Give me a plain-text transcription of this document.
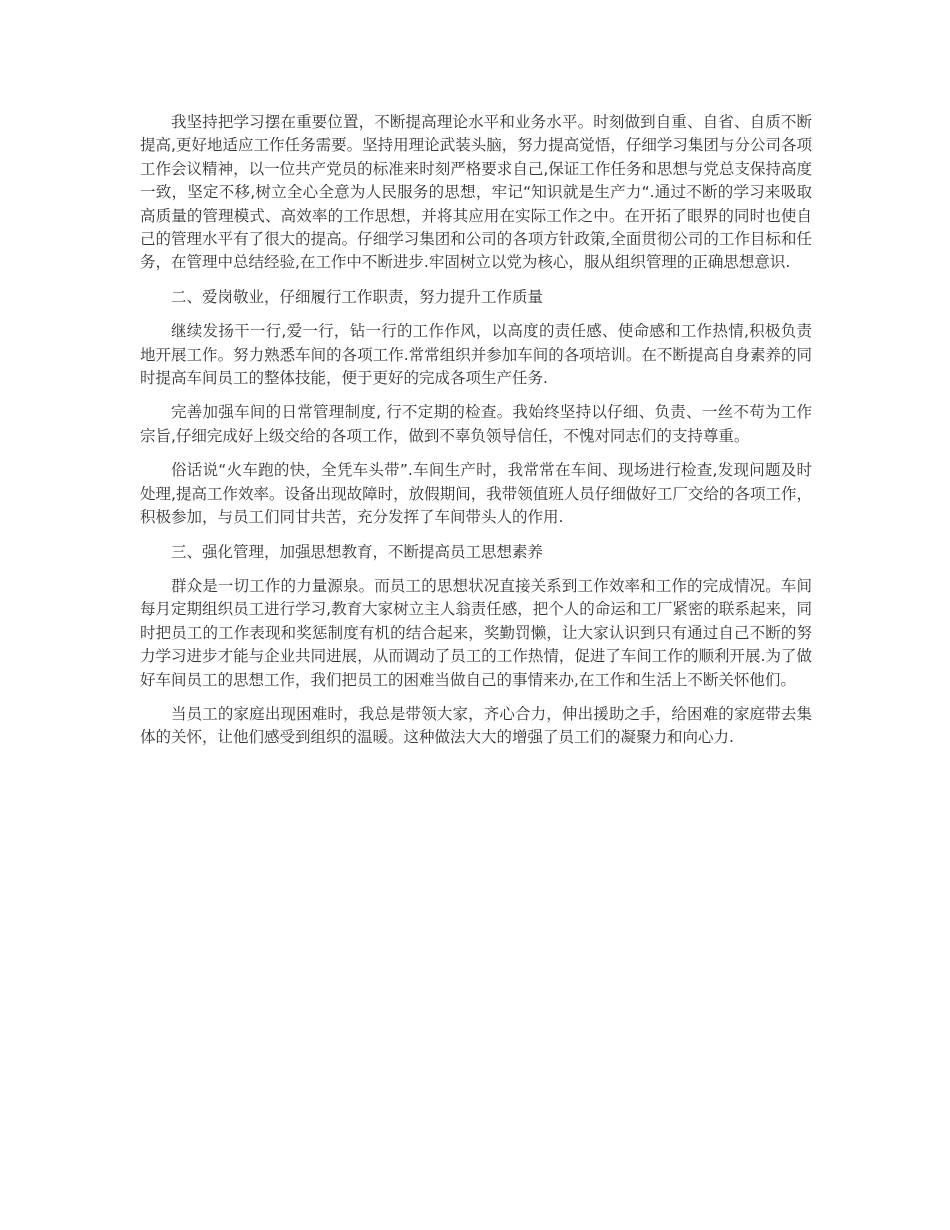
我坚持把学习摆在重要位置，不断提高理论水平和业务水平。时刻做到自重、自省、自质不断提高,更好地适应工作任务需要。坚持用理论武装头脑，努力提高觉悟，仔细学习集团与分公司各项工作会议精神，以一位共产党员的标准来时刻严格要求自己,保证工作任务和思想与党总支保持高度一致，坚定不移,树立全心全意为人民服务的思想，牢记“知识就是生产力“.通过不断的学习来吸取高质量的管理模式、高效率的工作思想，并将其应用在实际工作之中。在开拓了眼界的同时也使自己的管理水平有了很大的提高。仔细学习集团和公司的各项方针政策,全面贯彻公司的工作目标和任务，在管理中总结经验,在工作中不断进步.牢固树立以党为核心，服从组织管理的正确思想意识.

二、爱岗敬业，仔细履行工作职责，努力提升工作质量

继续发扬干一行,爱一行，钻一行的工作作风，以高度的责任感、使命感和工作热情,积极负责地开展工作。努力熟悉车间的各项工作.常常组织并参加车间的各项培训。在不断提高自身素养的同时提高车间员工的整体技能，便于更好的完成各项生产任务.

完善加强车间的日常管理制度, 行不定期的检查。我始终坚持以仔细、负责、一丝不苟为工作宗旨,仔细完成好上级交给的各项工作，做到不辜负领导信任，不愧对同志们的支持尊重。

俗话说“火车跑的快，全凭车头带”.车间生产时，我常常在车间、现场进行检查,发现问题及时处理,提高工作效率。设备出现故障时，放假期间，我带领值班人员仔细做好工厂交给的各项工作，积极参加，与员工们同甘共苦，充分发挥了车间带头人的作用.

三、强化管理，加强思想教育，不断提高员工思想素养

群众是一切工作的力量源泉。而员工的思想状况直接关系到工作效率和工作的完成情况。车间每月定期组织员工进行学习,教育大家树立主人翁责任感，把个人的命运和工厂紧密的联系起来，同时把员工的工作表现和奖惩制度有机的结合起来，奖勤罚懒，让大家认识到只有通过自己不断的努力学习进步才能与企业共同进展，从而调动了员工的工作热情，促进了车间工作的顺利开展.为了做好车间员工的思想工作，我们把员工的困难当做自己的事情来办,在工作和生活上不断关怀他们。

当员工的家庭出现困难时，我总是带领大家，齐心合力，伸出援助之手，给困难的家庭带去集体的关怀，让他们感受到组织的温暖。这种做法大大的增强了员工们的凝聚力和向心力.
